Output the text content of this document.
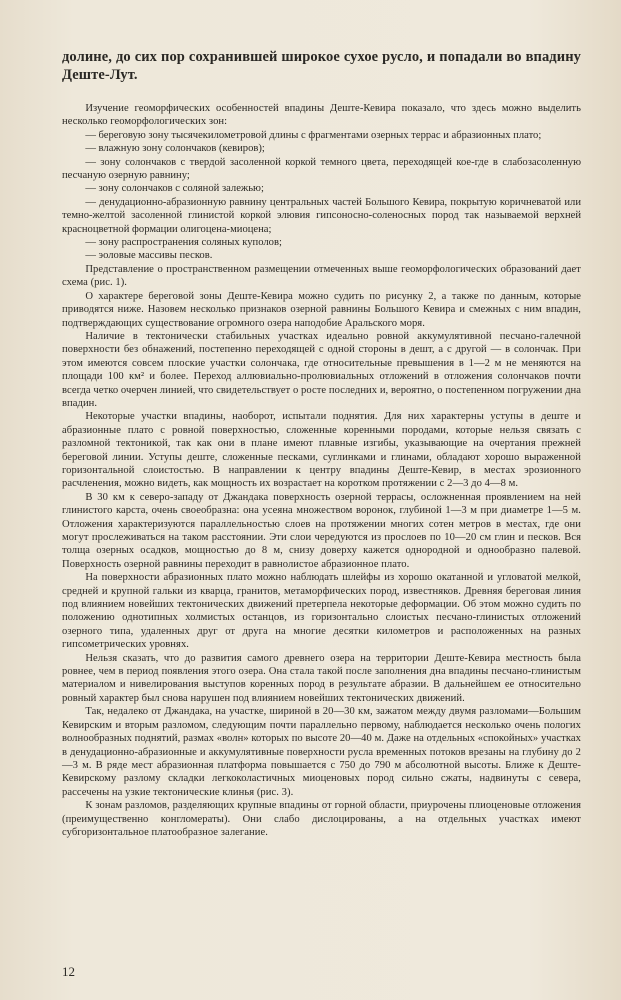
долине, до сих пор сохранившей широкое сухое русло, и попадали во впадину Деште-Лут.

Изучение геоморфических особенностей впадины Деште-Кевира показало, что здесь можно выделить несколько геоморфологических зон:

— береговую зону тысячекилометровой длины с фрагментами озерных террас и абразионных плато;

— влажную зону солончаков (кевиров);

— зону солончаков с твердой засоленной коркой темного цвета, переходящей кое-где в слабозасоленную песчаную озерную равнину;

— зону солончаков с соляной залежью;

— денудационно-абразионную равнину центральных частей Большого Кевира, покрытую коричневатой или темно-желтой засоленной глинистой коркой элювия гипсоносно-соленосных пород так называемой верхней красноцветной формации олигоцена-миоцена;

— зону распространения соляных куполов;

— эоловые массивы песков.

Представление о пространственном размещении отмеченных выше геоморфологических образований дает схема (рис. 1).

О характере береговой зоны Деште-Кевира можно судить по рисунку 2, а также по данным, которые приводятся ниже. Назовем несколько признаков озерной равнины Большого Кевира и смежных с ним впадин, подтверждающих существование огромного озера наподобие Аральского моря.

Наличие в тектонически стабильных участках идеально ровной аккумулятивной песчано-галечной поверхности без обнажений, постепенно переходящей с одной стороны в дешт, а с другой — в солончак. При этом имеются совсем плоские участки солончака, где относительные превышения в 1—2 м не меняются на площади 100 км² и более. Переход аллювиально-пролювиальных отложений в отложения солончаков почти всегда четко очерчен линией, что свидетельствует о росте последних и, вероятно, о постепенном погружении дна впадин.

Некоторые участки впадины, наоборот, испытали поднятия. Для них характерны уступы в деште и абразионные плато с ровной поверхностью, сложенные коренными породами, которые нельзя связать с разломной тектоникой, так как они в плане имеют плавные изгибы, указывающие на очертания прежней береговой линии. Уступы деште, сложенные песками, суглинками и глинами, обладают хорошо выраженной горизонтальной слоистостью. В направлении к центру впадины Деште-Кевир, в местах эрозионного расчленения, можно видеть, как мощность их возрастает на коротком протяжении с 2—3 до 4—8 м.

В 30 км к северо-западу от Джандака поверхность озерной террасы, осложненная проявлением на ней глинистого карста, очень своеобразна: она усеяна множеством воронок, глубиной 1—3 м при диаметре 1—5 м. Отложения характеризуются параллельностью слоев на протяжении многих сотен метров в местах, где они могут прослеживаться на таком расстоянии. Эти слои чередуются из прослоев по 10—20 см глин и песков. Вся толща озерных осадков, мощностью до 8 м, снизу доверху кажется однородной и однообразно палевой. Поверхность озерной равнины переходит в равнолистое абразионное плато.

На поверхности абразионных плато можно наблюдать шлейфы из хорошо окатанной и угловатой мелкой, средней и крупной гальки из кварца, гранитов, метаморфических пород, известняков. Древняя береговая линия под влиянием новейших тектонических движений претерпела некоторые деформации. Об этом можно судить по положению однотипных холмистых останцов, из горизонтально слоистых песчано-глинистых отложений озерного типа, удаленных друг от друга на многие десятки километров и расположенных на разных гипсометрических уровнях.

Нельзя сказать, что до развития самого древнего озера на территории Деште-Кевира местность была ровнее, чем в период появления этого озера. Она стала такой после заполнения дна впадины песчано-глинистым материалом и нивелирования выступов коренных пород в результате абразии. В дальнейшем ее относительно ровный характер был снова нарушен под влиянием новейших тектонических движений.

Так, недалеко от Джандака, на участке, шириной в 20—30 км, зажатом между двумя разломами—Большим Кевирским и вторым разломом, следующим почти параллельно первому, наблюдается несколько очень пологих волнообразных поднятий, размах «волн» которых по высоте 20—40 м. Даже на отдельных «спокойных» участках в денудационно-абразионные и аккумулятивные поверхности русла временных потоков врезаны на глубину до 2—3 м. В ряде мест абразионная платформа повышается с 750 до 790 м абсолютной высоты. Ближе к Деште-Кевирскому разлому складки легкоколастичных миоценовых пород сильно сжаты, надвинуты с севера, рассечены на узкие тектонические клинья (рис. 3).

К зонам разломов, разделяющих крупные впадины от горной области, приурочены плиоценовые отложения (преимущественно конгломераты). Они слабо дислоцированы, а на отдельных участках имеют субгоризонтальное платообразное залегание.

12
